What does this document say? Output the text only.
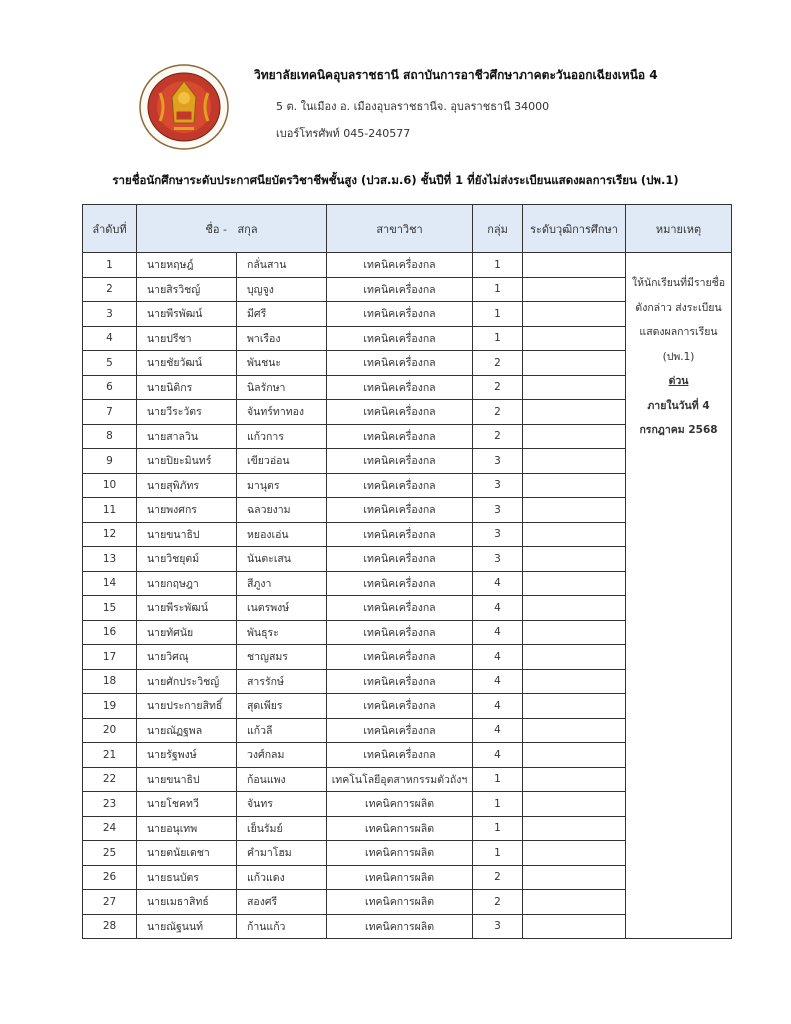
วิทยาลัยเทคนิคอุบลราชธานี สถาบันการอาชีวศึกษาภาคตะวันออกเฉียงเหนือ 4
5 ต. ในเมือง อ. เมืองอุบลราชธานีจ. อุบลราชธานี 34000
เบอร์โทรศัพท์ 045-240577
รายชื่อนักศึกษาระดับประกาศนียบัตรวิชาชีพชั้นสูง (ปวส.ม.6) ชั้นปีที่ 1 ที่ยังไม่ส่งระเบียนแสดงผลการเรียน (ปพ.1)
ลำดับที่	ชื่อ - สกุล		สาขาวิชา	กลุ่ม	ระดับวุฒิการศึกษา	หมายเหตุ
1	นายหฤษฎ์	กลั่นสาน	เทคนิคเครื่องกล	1		
ให้นักเรียนที่มีรายชื่อ
ดังกล่าว ส่งระเบียน
แสดงผลการเรียน
(ปพ.1)
ด่วน
ภายในวันที่ 4
กรกฎาคม 2568

2	นายสิรวิชญ์	บุญจูง	เทคนิคเครื่องกล	1		
3	นายพีรพัฒน์	มีศรี	เทคนิคเครื่องกล	1		
4	นายปรีชา	พาเรือง	เทคนิคเครื่องกล	1		
5	นายชัยวัฒน์	พันชนะ	เทคนิคเครื่องกล	2		
6	นายนิติกร	นิลรักษา	เทคนิคเครื่องกล	2		
7	นายวีระวัตร	จันทร์ทาทอง	เทคนิคเครื่องกล	2		
8	นายสาลวิน	แก้วการ	เทคนิคเครื่องกล	2		
9	นายปิยะมินทร์	เขียวอ่อน	เทคนิคเครื่องกล	3		
10	นายสุพิภัทร	มานุตร	เทคนิคเครื่องกล	3		
11	นายพงศกร	ฉลวยงาม	เทคนิคเครื่องกล	3		
12	นายขนาธิป	หยองเอ่น	เทคนิคเครื่องกล	3		
13	นายวิชยุตม์	นันตะเสน	เทคนิคเครื่องกล	3		
14	นายกฤษฎา	สีภูงา	เทคนิคเครื่องกล	4		
15	นายพีระพัฒน์	เนตรพงษ์	เทคนิคเครื่องกล	4		
16	นายทัศนัย	พันธุระ	เทคนิคเครื่องกล	4		
17	นายวิศณุ	ชาญสมร	เทคนิคเครื่องกล	4		
18	นายศักประวิชญ์	สารรักษ์	เทคนิคเครื่องกล	4		
19	นายประกายสิทธิ์	สุดเพียร	เทคนิคเครื่องกล	4		
20	นายณัฏฐพล	แก้วลี	เทคนิคเครื่องกล	4		
21	นายรัฐพงษ์	วงศ์กลม	เทคนิคเครื่องกล	4		
22	นายขนาธิป	ก้อนแพง	เทคโนโลยีอุตสาหกรรมตัวถังฯ	1		
23	นายโชคทวี	จันทร	เทคนิคการผลิต	1		
24	นายอนุเทพ	เย็นรัมย์	เทคนิคการผลิต	1		
25	นายตนัยเดชา	คำมาโฮม	เทคนิคการผลิต	1		
26	นายธนบัตร	แก้วแดง	เทคนิคการผลิต	2		
27	นายเมธาสิทธ์	สองศรี	เทคนิคการผลิต	2		
28	นายณัฐนนท์	ก้านแก้ว	เทคนิคการผลิต	3		
